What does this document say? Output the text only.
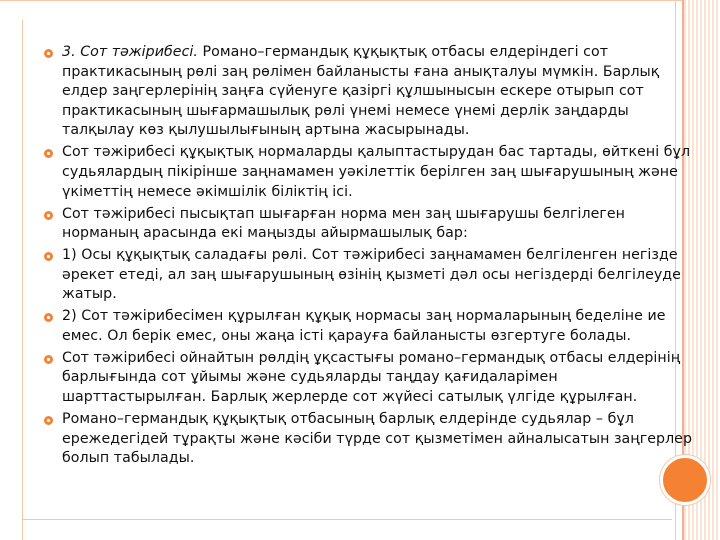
3. Сот тәжірибесі. Романо–германдық құқықтық отбасы елдеріндегі сот практикасының рөлі заң рөлімен байланысты ғана анықталуы мүмкін. Барлық елдер заңгерлерінің заңға сүйенуге қазіргі құлшынысын ескере отырып сот практикасының шығармашылық рөлі үнемі немесе үнемі дерлік заңдарды талқылау көз қылушылығының артына жасырынады.
Сот тәжірибесі құқықтық нормаларды қалыптастырудан бас тартады, өйткені бұл судьялардың пікірінше заңнамамен уәкілеттік берілген заң шығарушының және үкіметтің немесе әкімшілік біліктің ісі.
Сот тәжірибесі пысықтап шығарған норма мен заң шығарушы белгілеген норманың арасында екі маңызды айырмашылық бар:
1) Осы құқықтық саладағы рөлі. Сот тәжірибесі заңнамамен белгіленген негізде әрекет етеді, ал заң шығарушының өзінің қызметі дәл осы негіздерді белгілеуде жатыр.
2) Сот тәжірибесімен құрылған құқық нормасы заң нормаларының беделіне ие емес. Ол берік емес, оны жаңа істі қарауға байланысты өзгертуге болады.
Сот тәжірибесі ойнайтын рөлдің ұқсастығы романо–германдық отбасы елдерінің барлығында сот ұйымы және судьяларды таңдау қағидаларімен шарттастырылған. Барлық жерлерде сот жүйесі сатылық үлгіде құрылған.
Романо–германдық құқықтық отбасының барлық елдерінде судьялар – бұл ережедегідей тұрақты және кәсіби түрде сот қызметімен айналысатын заңгерлер болып табылады.
